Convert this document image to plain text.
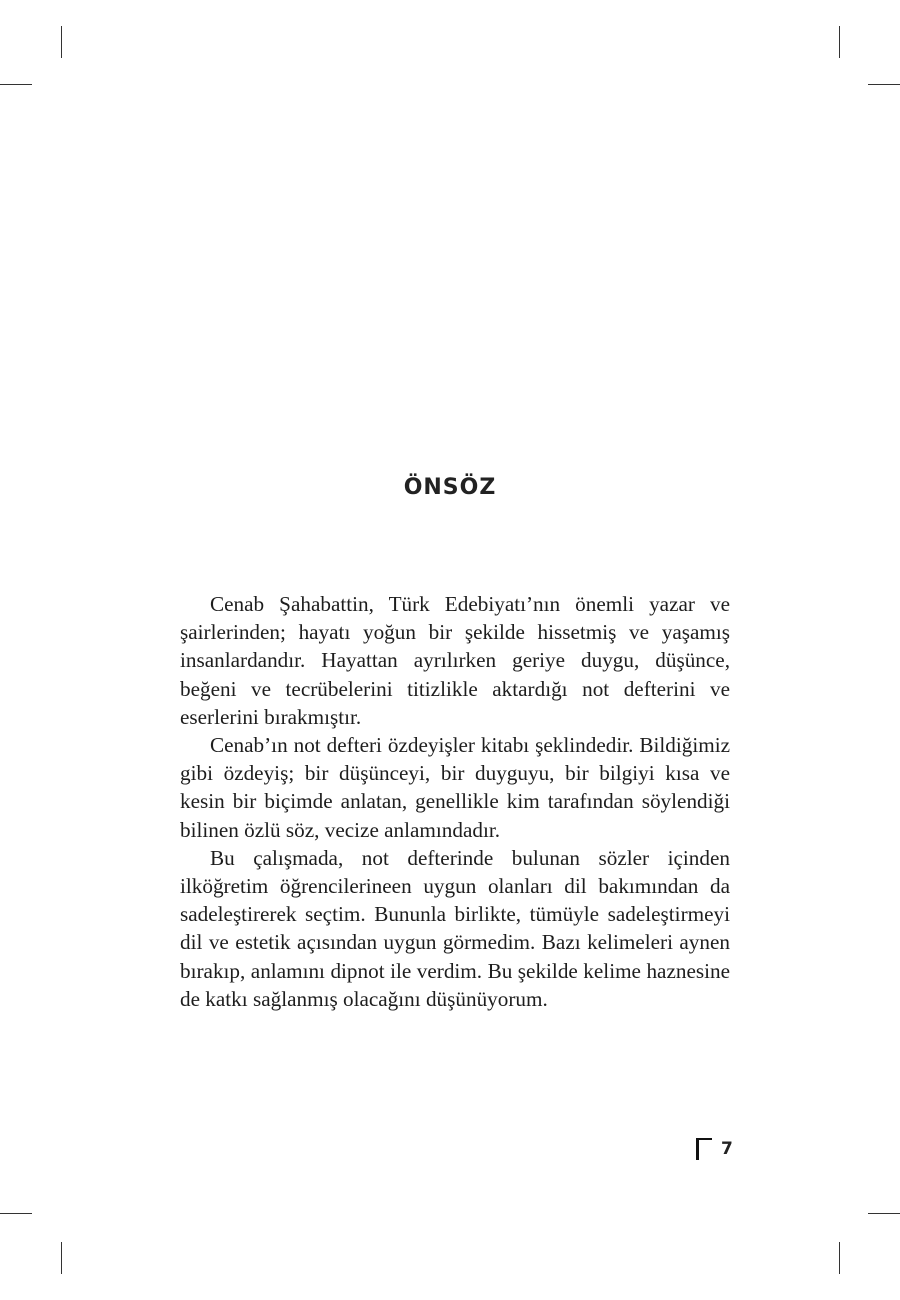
ÖNSÖZ

Cenab Şahabattin, Türk Edebiyatı’nın önemli yazar ve şairlerinden; hayatı yoğun bir şekilde hissetmiş ve yaşamış insanlardandır. Hayattan ayrılırken geriye duygu, düşünce, beğeni ve tecrübelerini titizlikle aktardığı not defterini ve eserlerini bırakmıştır.

Cenab’ın not defteri özdeyişler kitabı şeklindedir. Bildiğimiz gibi özdeyiş; bir düşünceyi, bir duyguyu, bir bilgiyi kısa ve kesin bir biçimde anlatan, genellikle kim tarafından söylendiği bilinen özlü söz, vecize anlamındadır.

Bu çalışmada, not defterinde bulunan sözler içinden ilköğretim öğrencilerineen uygun olanları dil bakımından da sadeleştirerek seçtim. Bununla birlikte, tümüyle sadeleştirmeyi dil ve estetik açısından uygun görmedim. Bazı kelimeleri aynen bırakıp, anlamını dipnot ile verdim. Bu şekilde kelime haznesine de katkı sağlanmış olacağını düşünüyorum.

7
